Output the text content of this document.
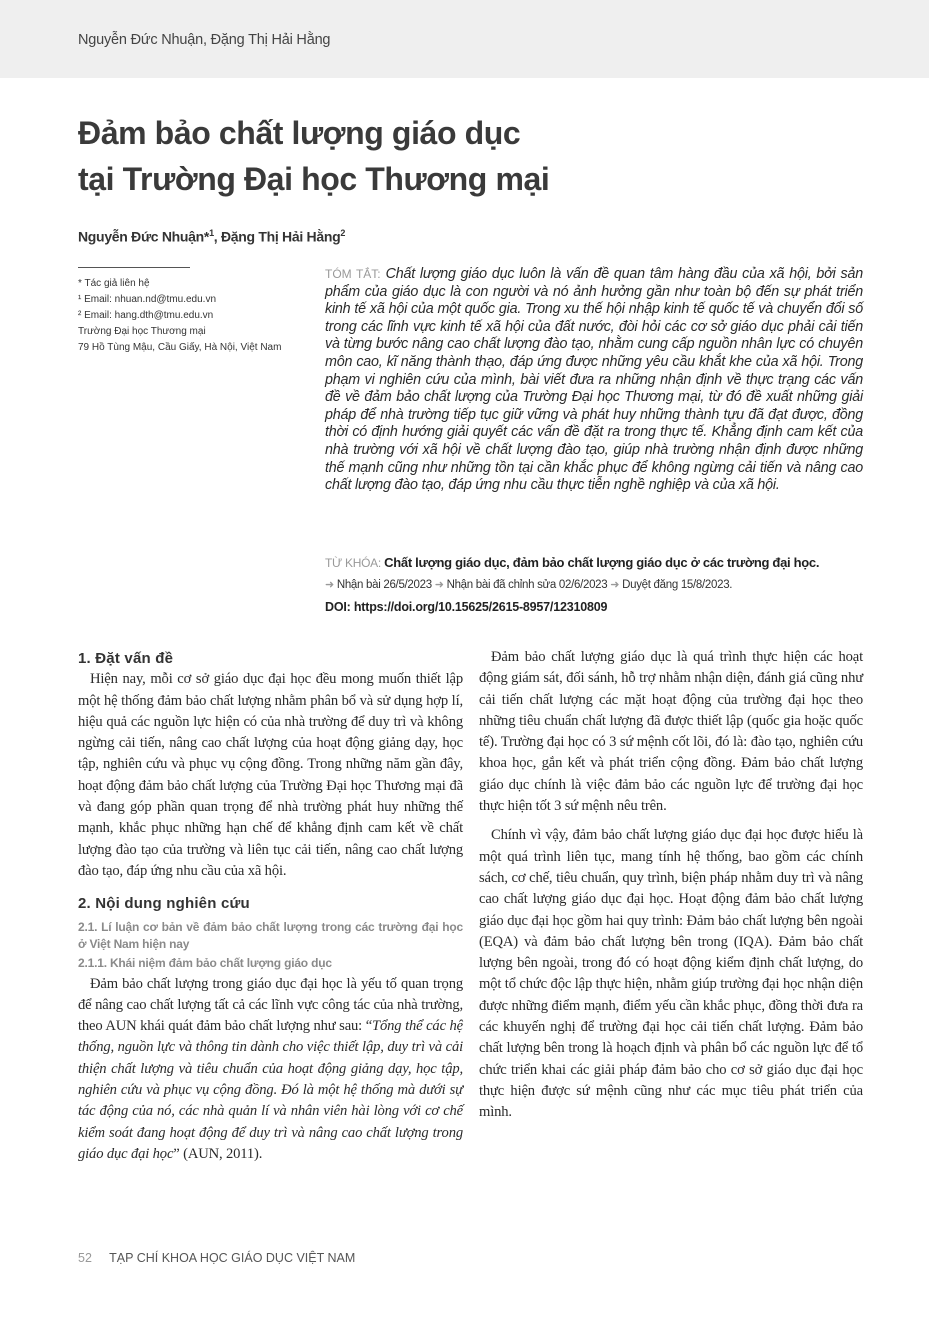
Nguyễn Đức Nhuận, Đặng Thị Hải Hằng
Đảm bảo chất lượng giáo dục
tại Trường Đại học Thương mại
Nguyễn Đức Nhuận*$^1$, Đặng Thị Hải Hằng$^2$
* Tác giả liên hệ
¹ Email: nhuan.nd@tmu.edu.vn
² Email: hang.dth@tmu.edu.vn
Trường Đại học Thương mại
79 Hồ Tùng Mậu, Cầu Giấy, Hà Nội, Việt Nam
TÓM TẮT: Chất lượng giáo dục luôn là vấn đề quan tâm hàng đầu của xã hội, bởi sản phẩm của giáo dục là con người và nó ảnh hưởng gần như toàn bộ đến sự phát triển kinh tế xã hội của một quốc gia. Trong xu thế hội nhập kinh tế quốc tế và chuyển đổi số trong các lĩnh vực kinh tế xã hội của đất nước, đòi hỏi các cơ sở giáo dục phải cải tiến và từng bước nâng cao chất lượng đào tạo, nhằm cung cấp nguồn nhân lực có chuyên môn cao, kĩ năng thành thạo, đáp ứng được những yêu cầu khắt khe của xã hội. Trong phạm vi nghiên cứu của mình, bài viết đưa ra những nhận định về thực trạng các vấn đề về đảm bảo chất lượng của Trường Đại học Thương mại, từ đó đề xuất những giải pháp để nhà trường tiếp tục giữ vững và phát huy những thành tựu đã đạt được, đồng thời có định hướng giải quyết các vấn đề đặt ra trong thực tế. Khẳng định cam kết của nhà trường với xã hội về chất lượng đào tạo, giúp nhà trường nhận định được những thế mạnh cũng như những tồn tại cần khắc phục để không ngừng cải tiến và nâng cao chất lượng đào tạo, đáp ứng nhu cầu thực tiễn nghề nghiệp và của xã hội.
TỪ KHÓA: Chất lượng giáo dục, đảm bảo chất lượng giáo dục ở các trường đại học.
➜ Nhận bài 26/5/2023 ➜ Nhận bài đã chỉnh sửa 02/6/2023 ➜ Duyệt đăng 15/8/2023.
DOI: https://doi.org/10.15625/2615-8957/12310809
1. Đặt vấn đề

Hiện nay, mỗi cơ sở giáo dục đại học đều mong muốn thiết lập một hệ thống đảm bảo chất lượng nhằm phân bổ và sử dụng hợp lí, hiệu quả các nguồn lực hiện có của nhà trường để duy trì và không ngừng cải tiến, nâng cao chất lượng của hoạt động giảng dạy, học tập, nghiên cứu và phục vụ cộng đồng. Trong những năm gần đây, hoạt động đảm bảo chất lượng của Trường Đại học Thương mại đã và đang góp phần quan trọng để nhà trường phát huy những thế mạnh, khắc phục những hạn chế để khẳng định cam kết về chất lượng đào tạo của trường và liên tục cải tiến, nâng cao chất lượng đào tạo, đáp ứng nhu cầu của xã hội.

2. Nội dung nghiên cứu
2.1. Lí luận cơ bản về đảm bảo chất lượng trong các trường đại học ở Việt Nam hiện nay
2.1.1. Khái niệm đảm bảo chất lượng giáo dục

Đảm bảo chất lượng trong giáo dục đại học là yếu tố quan trọng để nâng cao chất lượng tất cả các lĩnh vực công tác của nhà trường, theo AUN khái quát đảm bảo chất lượng như sau: “Tổng thể các hệ thống, nguồn lực và thông tin dành cho việc thiết lập, duy trì và cải thiện chất lượng và tiêu chuẩn của hoạt động giảng dạy, học tập, nghiên cứu và phục vụ cộng đồng. Đó là một hệ thống mà dưới sự tác động của nó, các nhà quản lí và nhân viên hài lòng với cơ chế kiểm soát đang hoạt động để duy trì và nâng cao chất lượng trong giáo dục đại học” (AUN, 2011).

Đảm bảo chất lượng giáo dục là quá trình thực hiện các hoạt động giám sát, đối sánh, hỗ trợ nhằm nhận diện, đánh giá cũng như cải tiến chất lượng các mặt hoạt động của trường đại học theo những tiêu chuẩn chất lượng đã được thiết lập (quốc gia hoặc quốc tế). Trường đại học có 3 sứ mệnh cốt lõi, đó là: đào tạo, nghiên cứu khoa học, gắn kết và phát triển cộng đồng. Đảm bảo chất lượng giáo dục chính là việc đảm bảo các nguồn lực để trường đại học thực hiện tốt 3 sứ mệnh nêu trên.

Chính vì vậy, đảm bảo chất lượng giáo dục đại học được hiểu là một quá trình liên tục, mang tính hệ thống, bao gồm các chính sách, cơ chế, tiêu chuẩn, quy trình, biện pháp nhằm duy trì và nâng cao chất lượng giáo dục đại học. Hoạt động đảm bảo chất lượng giáo dục đại học gồm hai quy trình: Đảm bảo chất lượng bên ngoài (EQA) và đảm bảo chất lượng bên trong (IQA). Đảm bảo chất lượng bên ngoài, trong đó có hoạt động kiểm định chất lượng, do một tổ chức độc lập thực hiện, nhằm giúp trường đại học nhận diện được những điểm mạnh, điểm yếu cần khắc phục, đồng thời đưa ra các khuyến nghị để trường đại học cải tiến chất lượng. Đảm bảo chất lượng bên trong là hoạch định và phân bổ các nguồn lực để tổ chức triển khai các giải pháp đảm bảo cho cơ sở giáo dục đại học thực hiện được sứ mệnh cũng như các mục tiêu phát triển của mình.

52 TẠP CHÍ KHOA HỌC GIÁO DỤC VIỆT NAM
